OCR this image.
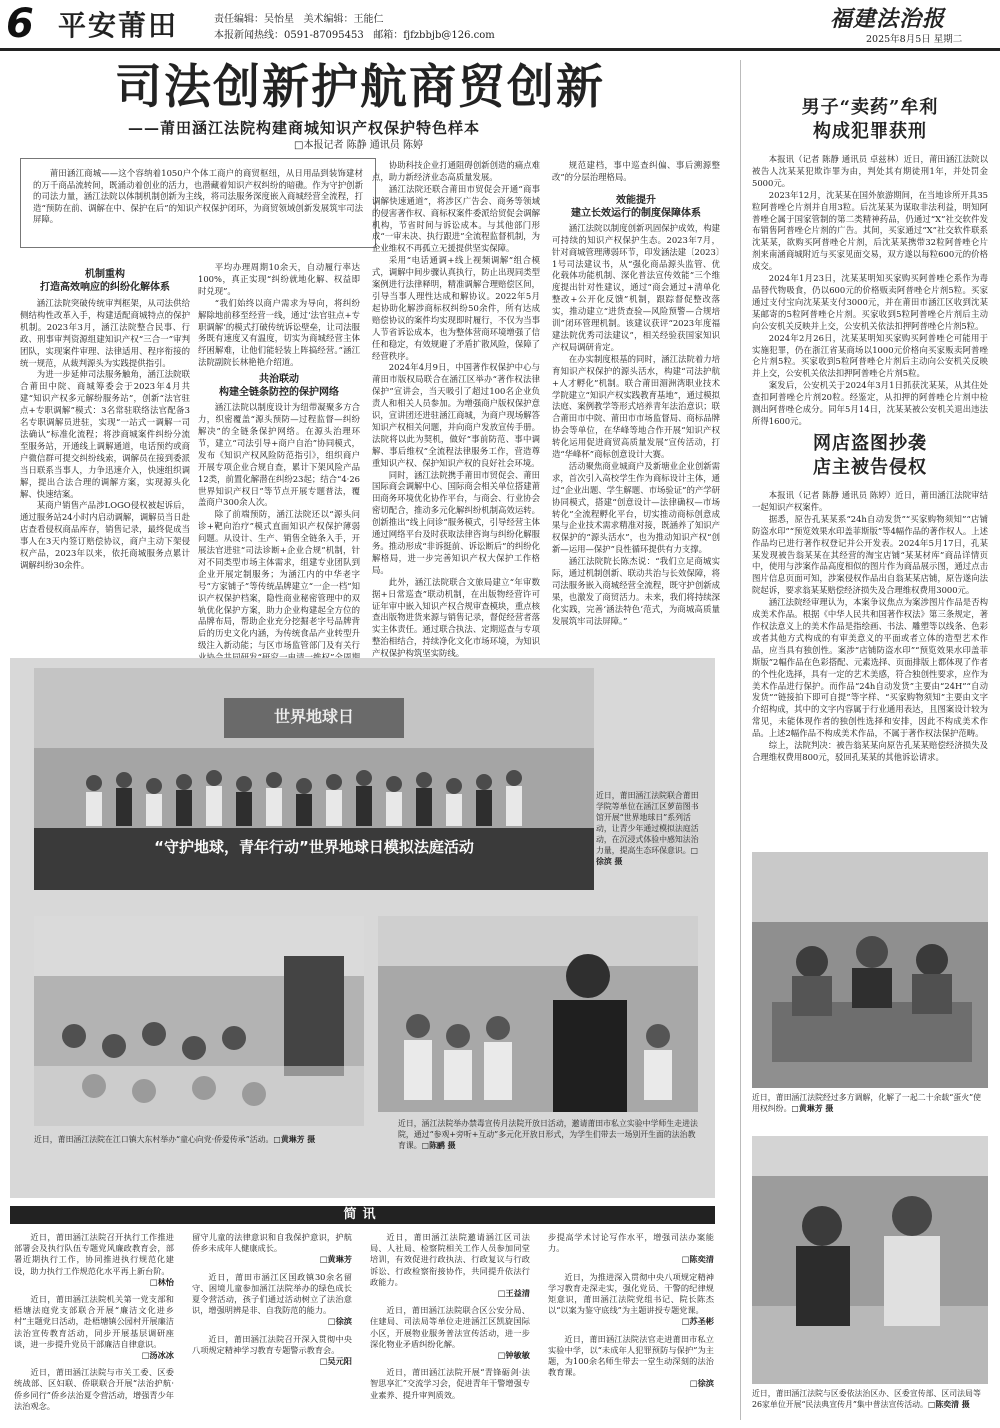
6 平安莆田	责任编辑：吴怡星 美术编辑：王能仁
本报新闻热线：0591-87095453 邮箱：fjfzbbjb@126.com
福建法治报
2025年8月5日 星期二
司法创新护航商贸创新
——莆田涵江法院构建商城知识产权保护特色样本
□本报记者 陈静 通讯员 陈婷

莆田涵江商城——这个容纳着1050户个体工商户的商贸枢纽，从日用品到装饰建材的万千商品流转间，既涌动着创业的活力，也潜藏着知识产权纠纷的暗礁。作为守护创新的司法力量，涵江法院以体制机制创新为主线，将司法服务深度嵌入商城经营全流程，打造“预防在前、调解在中、保护在后”的知识产权保护闭环，为商贸领域创新发展筑牢司法屏障。

机制重构
打造高效响应的纠纷化解体系

涵江法院突破传统审判框架，从司法供给侧结构性改革入手，构建适配商城特点的保护机制。2023年3月，涵江法院整合民事、行政、刑事审判资源组建知识产权“三合一”审判团队，实现案件审理、法律适用、程序衔接的统一规范，从裁判源头为实践提供指引。

为进一步延伸司法服务触角，涵江法院联合莆田中院、商城筹委会于2023年4月共建“知识产权多元解纷服务站”，创新“法官驻点+专职调解”模式：3名常驻联络法官配备3名专职调解员进驻，实现“一站式一调解一司法确认”标准化流程；将涉商城案件纠纷分流至服务站，开通线上调解通道，电话预约或商户微信群可提交纠纷线索，调解员在接到委派当日联系当事人，力争迅速介入，快速组织调解，提出合法合理的调解方案，实现源头化解、快速结案。

某商户销售产品涉LOGO侵权被起诉后，通过服务站24小时内启动调解，调解员当日赴店查看侵权商品库存，销售记录，最终促成当事人在3天内签订赔偿协议，商户主动下架侵权产品，2023年以来，依托商城服务点累计调解纠纷30余件。

平均办理周期10余天，自动履行率达100%，真正实现“纠纷就地化解、权益即时兑现”。

“我们始终以商户需求为导向，将纠纷解除地前移至经营一线，通过‘法官驻点+专职调解’的模式打破传统诉讼壁垒，让司法服务既有速度又有温度，切实为商城经营主体纾困解难，让他们能轻装上阵搞经营。”涵江法院副院长林艳艳介绍道。

共治联动
构建全链条防控的保护网络

涵江法院以制度设计为纽带凝聚多方合力，织密覆盖“源头预防—过程监督—纠纷解决”的全链条保护网络。在源头治理环节，建立“司法引导+商户自治”协同模式，发布《知识产权风险防范指引》，组织商户开展专项企业合规自查，累计下架风险产品12类，前置化解潜在纠纷23起；结合“4·26世界知识产权日”等节点开展专题普法，覆盖商户300余人次。

除了前端预防，涵江法院还以“源头问诊+靶向治疗”模式直面知识产权保护薄弱问题。从设计、生产、销售全链条入手，开展法官进驻“司法诊断+企业合规”机制，针对不同类型市场主体需求，组建专业团队到企业开展定制服务；为涵江内的中华老字号“方家铺子”等传统品牌建立“一企一档”知识产权保护档案，隐性商业秘密管理中的双轨优化保护方案，助力企业构建起全方位的品牌布局，帮助企业充分挖掘老字号品牌背后的历史文化内涵，为传统食品产业转型升级注入新动能；与区市场监管部门及有关行

协助科技企业打通阻碍创新创造的痛点难点，助力新经济业态高质量发展。

涵江法院还联合莆田市贸促会开通“商事调解快速通道”，将涉区广告会、商务等领域的侵害著作权、商标权案件委派给贸促会调解机构，节省时间与诉讼成本。与其他部门形成“一审未决、执行跟进”全流程监督机制，为企业维权不再孤立无援提供坚实保障。

采用“电话通调+线上视频调解”组合模式，调解中间步骤认真执行，防止出现同类型案例进行法律释明，精准调解合理赔偿区间，引导当事人理性达成和解协议。2022年5月起协助化解涉商标权纠纷50余件，所有达成赔偿协议的案件均实现即时履行，不仅为当事人节省诉讼成本，也为整体营商环境增强了信任和稳定，有效规避了矛盾扩散风险，保障了经营秩序。

2024年4月9日，中国著作权保护中心与莆田市版权局联合在涵江区举办“著作权法律保护”宣讲会，当天吸引了超过100名企业负责人和相关人员参加。为增强商户版权保护意识，宣讲团还进驻涵江商城，为商户现场解答知识产权相关问题，并向商户发放宣传手册。法院将以此为契机，做好“事前防范、事中调解、事后维权”全流程法律服务工作，营造尊重知识产权、保护知识产权的良好社会环境。

同时，涵江法院携手莆田市贸促会、莆田国际商会调解中心、国际商会相关单位搭建莆田商务环境优化协作平台，与商会、行业协会密切配合，推动多元化解纠纷机制高效运转。创新推出“线上问诊”服务模式，引导经营主体通过网络平台及时获取法律咨询与纠纷化解服务。推动形成“非诉挺前、诉讼断后”的纠纷化解格局，进一步完善知识产权大保护工作格局。

此外，涵江法院联合文旅局建立“年审数据+日常巡查”联动机制，在出版物经营许可证年审中嵌入知识产权合规审查模块，重点核查出版物进货来源与销售记录，督促经营者落实主体责任。通过联合执法、定期巡查与专项整治相结合，持续净化文化市场环境，为知识产权保护构筑坚实防线。

规范建档，事中巡查纠偏、事后溯源整改”的分层治理格局。

效能提升
建立长效运行的制度保障体系

涵江法院以制度创新巩固保护成效，构建可持续的知识产权保护生态。2023年7月，针对商城管理薄弱环节，印发涵法建〔2023〕1号司法建议书，从“强化商品源头监管、优化载体功能机制、深化普法宣传效能”三个维度提出针对性建议，通过“商会通过+清单化整改+公开化反馈”机制，跟踪督促整改落实，推动建立“进货查验—风险预警—合规培训”闭环管理机制。该建议获评“2023年度福建法院优秀司法建议”，相关经验获国家知识产权局调研肯定。

在办实制度根基的同时，涵江法院着力培育知识产权保护的源头活水，构建“司法护航+人才孵化”机制。联合莆田湄洲湾职业技术学院建立“知识产权实践教育基地”，通过模拟法庭、案例教学等形式培养青年法治意识；联合莆田市中院、莆田市市场监督局、商标品牌协会等单位，在华峰等地合作开展“知识产权转化运用促进商贸高质量发展”宣传活动，打造“华峰杯”商标创意设计大赛。

活动聚焦商业城商户及新塘业企业创新需求，首次引入高校学生作为商标设计主体，通过“企业出题、学生解题、市场验证”的产学研协同模式，搭建“创意设计—法律确权—市场转化”全流程孵化平台，切实推动商标创意成果与企业技术需求精准对接，既涵养了知识产权保护的“源头活水”，也为推动知识产权“创新—运用—保护”良性循环提供有力支撑。

涵江法院院长陈杰说：“我们立足商城实际，通过机制创新、联动共治与长效保障，将司法服务嵌入商城经营全流程，既守护创新成果，也激发了商贸活力。未来，我们将持续深化实践，完善‘涵法特色’范式，为商城高质量发展筑牢司法屏障。”

男子“卖药”牟利
构成犯罪获刑

本报讯（记者 陈静 通讯员 卓兹林）近日，莆田涵江法院以被告人沈某某犯欺诈罪为由，判处其有期徒刑1年，并处罚金5000元。

2023年12月，沈某某在国外旅游期间，在当地诊所开具35粒阿普唑仑片剂并自用3粒。后沈某某为谋取非法利益，明知阿普唑仑属于国家管制的第二类精神药品，仍通过“X”社交软件发布销售阿普唑仑片剂的广告。其间，买家通过“X”社交软件联系沈某某，欲购买阿普唑仑片剂，后沈某某携带32粒阿普唑仑片剂来南涵商城附近与买家见面交易，双方遂以每粒600元的价格成交。

2024年1月23日，沈某某明知买家购买阿普唑仑系作为毒品替代物吸食，仍以600元的价格贩卖阿普唑仑片剂5粒。买家通过支付宝向沈某某支付3000元，并在莆田市涵江区收到沈某某邮寄的5粒阿普唑仑片剂。买家收到5粒阿普唑仑片剂后主动向公安机关反映并上交，公安机关依法扣押阿普唑仑片剂5粒。

2024年2月26日，沈某某明知买家购买阿普唑仑可能用于实施犯罪，仍在浙江省某商场以1000元价格向买家贩卖阿普唑仑片剂5粒。买家收到5粒阿普唑仑片剂后主动向公安机关反映并上交，公安机关依法扣押阿普唑仑片剂5粒。

案发后，公安机关于2024年3月1日抓获沈某某，从其住处查扣阿普唑仑片剂20粒。经鉴定，从扣押的阿普唑仑片剂中检测出阿普唑仑成分。同年5月14日，沈某某被公安机关退出违法所得1600元。

网店盗图抄袭
店主被告侵权

本报讯（记者 陈静 通讯员 陈婷）近日，莆田涵江法院审结一起知识产权案件。

据悉，原告孔某某系“24h自动发货”“买家购物须知”“店铺防盗水印”“预览效果水印盖菲斯版”等4幅作品的著作权人。上述作品均已进行著作权登记并公开发表。2024年5月17日，孔某某发现被告翁某某在其经营的淘宝店铺“某某材库”商品详情页中，使用与涉案作品高度相似的图片作为商品展示图，通过点击图片信息页面可知，涉案侵权作品出自翁某某店铺，原告遂向法院起诉，要求翁某某赔偿经济损失及合理维权费用3000元。

涵江法院经审理认为，本案争议焦点为案涉图片作品是否构成美术作品。根据《中华人民共和国著作权法》第三条规定，著作权法意义上的美术作品是指绘画、书法、雕塑等以线条、色彩或者其他方式构成的有审美意义的平面或者立体的造型艺术作品，应当具有独创性。案涉“店铺防盗水印”“预览效果水印盖菲斯版”2幅作品在色彩搭配、元素选择、页面排版上都体现了作者的个性化选择，具有一定的艺术美感，符合独创性要求，应作为美术作品进行保护。而作品“24h自动发货”主要由“24H”“自动发货”“链接拍下即可自提”等字样、“买家购物须知”主要由文字介绍构成，其中的文字内容属于行业通用表达，且图案设计较为常见，未能体现作者的独创性选择和安排，因此不构成美术作品。上述2幅作品不构成美术作品，不属于著作权法保护范畴。

综上，法院判决：被告翁某某向原告孔某某赔偿经济损失及合理维权费用800元，驳回孔某某的其他诉讼请求。

近日，莆田涵江法院经过多方调解，化解了一起二十余载“蛋火”使用权纠纷。□黄琳芳 摄
近日，莆田涵江法院与区委依法治区办、区委宣传部、区司法局等26家单位开展“民法典宣传月”集中普法宣传活动。□陈奕清 摄
世界地球日
“守护地球，青年行动”世界地球日模拟法庭活动
近日，莆田涵江法院联合莆田学院等单位在涵江区萝苗图书馆开展“世界地球日”系列活动，让青少年通过模拟法庭活动，在沉浸式体验中感知法治力量，提高生态环保意识。□徐滨 摄
近日，莆田涵江法院在江口镇大东村举办“童心向党·侨爱传承”活动。□黄琳芳 摄
近日，涵江法院举办禁毒宣传月法院开放日活动，邀请莆田市私立实验中学师生走进法院，通过“参观+旁听+互动”多元化开放日形式，为学生们带去一场别开生面的法治教育课。□陈鹂 摄
简讯

近日，莆田涵江法院召开执行工作推进部署会及执行队伍专题党风廉政教育会，部署近期执行工作，协同推进执行规范化建设，助力执行工作规范化水平再上新台阶。

□林怡

近日，莆田涵江法院机关第一党支部和梧塘法庭党支部联合开展“廉洁文化进乡村”主题党日活动，赴梧塘镇公园村开展廉洁法治宣传教育活动，同步开展基层调研座谈，进一步提升党员干部廉洁自律意识。

□汤冰冰

近日，莆田涵江法院与市关工委、区委统战部、区妇联、侨联联合开展“法治护航·侨乡同行”侨乡法治夏令营活动，增强青少年法治观念。

留守儿童的法律意识和自我保护意识，护航侨乡未成年人健康成长。

□黄琳芳

近日，莆田市涵江区国政镇30余名留守、困境儿童参加涵江法院举办的绿色成长夏令营活动，孩子们通过活动树立了法治意识，增强明辨是非、自我防范的能力。

□徐滨

近日，莆田涵江法院召开深入贯彻中央八项规定精神学习教育专题警示教育会。

□吴元阳

近日，莆田涵江法院邀请涵江区司法局、人社局、检察院相关工作人员参加同堂培训，有效促进行政执法、行政复议与行政诉讼、行政检察衔接协作，共同提升依法行政能力。

□王益清

近日，莆田涵江法院联合区公安分局、住建局、司法局等单位走进涵江区凯旋国际小区，开展物业服务普法宣传活动，进一步深化物业矛盾纠纷化解。

□钟敏敏

近日，莆田涵江法院开展“青锋砺剑·法智思享汇”交流学习会，促进青年干警增强专业素养、提升审判质效。

步提高学术讨论写作水平，增强司法办案能力。

□陈奕清

近日，为推进深入贯彻中央八项规定精神学习教育走深走实，强化党员、干警的纪律规矩意识，莆田涵江法院党组书记、院长陈杰以“以案为鉴守底线”为主题讲授专题党课。

□苏圣彬

近日，莆田涵江法院法官走进莆田市私立实验中学，以“未成年人犯罪预防与保护”为主题，为100余名师生带去一堂生动深刻的法治教育课。

□徐滨
